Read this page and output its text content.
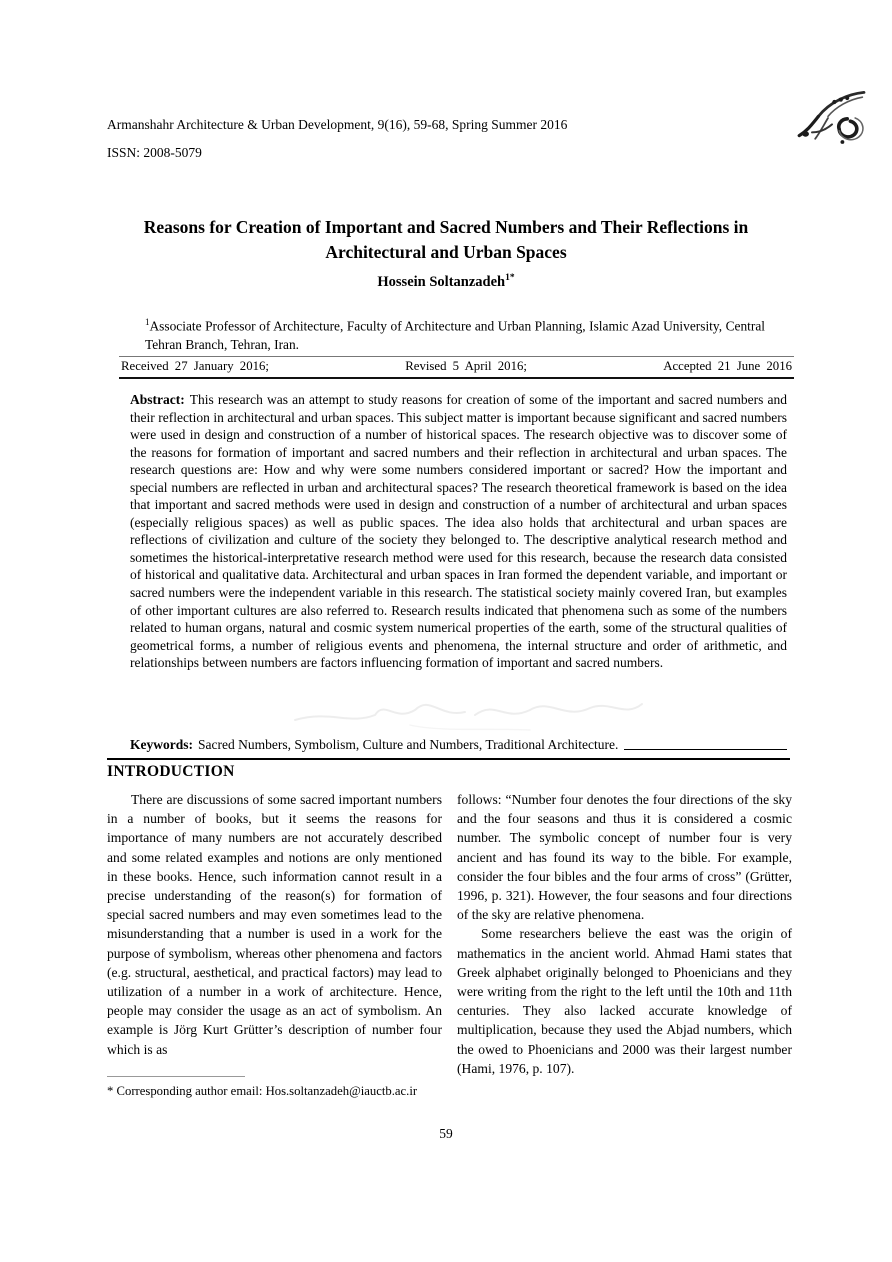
Armanshahr Architecture & Urban Development, 9(16), 59-68, Spring Summer 2016
ISSN: 2008-5079
Reasons for Creation of Important and Sacred Numbers and Their Reflections in Architectural and Urban Spaces
Hossein Soltanzadeh$^{1*}$
$^1$Associate Professor of Architecture, Faculty of Architecture and Urban Planning, Islamic Azad University, Central Tehran Branch, Tehran, Iran.
Received 27 January 2016;	Revised 5 April 2016;	Accepted 21 June 2016
Abstract: This research was an attempt to study reasons for creation of some of the important and sacred numbers and their reflection in architectural and urban spaces. This subject matter is important because significant and sacred numbers were used in design and construction of a number of historical spaces. The research objective was to discover some of the reasons for formation of important and sacred numbers and their reflection in architectural and urban spaces. The research questions are: How and why were some numbers considered important or sacred? How the important and special numbers are reflected in urban and architectural spaces? The research theoretical framework is based on the idea that important and sacred methods were used in design and construction of a number of architectural and urban spaces (especially religious spaces) as well as public spaces. The idea also holds that architectural and urban spaces are reflections of civilization and culture of the society they belonged to. The descriptive analytical research method and sometimes the historical-interpretative research method were used for this research, because the research data consisted of historical and qualitative data. Architectural and urban spaces in Iran formed the dependent variable, and important or sacred numbers were the independent variable in this research. The statistical society mainly covered Iran, but examples of other important cultures are also referred to. Research results indicated that phenomena such as some of the numbers related to human organs, natural and cosmic system numerical properties of the earth, some of the structural qualities of geometrical forms, a number of religious events and phenomena, the internal structure and order of arithmetic, and relationships between numbers are factors influencing formation of important and sacred numbers.
Keywords: Sacred Numbers, Symbolism, Culture and Numbers, Traditional Architecture.
INTRODUCTION

There are discussions of some sacred important numbers in a number of books, but it seems the reasons for importance of many numbers are not accurately described and some related examples and notions are only mentioned in these books. Hence, such information cannot result in a precise understanding of the reason(s) for formation of special sacred numbers and may even sometimes lead to the misunderstanding that a number is used in a work for the purpose of symbolism, whereas other phenomena and factors (e.g. structural, aesthetical, and practical factors) may lead to utilization of a number in a work of architecture. Hence, people may consider the usage as an act of symbolism. An example is Jörg Kurt Grütter’s description of number four which is as

follows: “Number four denotes the four directions of the sky and the four seasons and thus it is considered a cosmic number. The symbolic concept of number four is very ancient and has found its way to the bible. For example, consider the four bibles and the four arms of cross” (Grütter, 1996, p. 321). However, the four seasons and four directions of the sky are relative phenomena.

Some researchers believe the east was the origin of mathematics in the ancient world. Ahmad Hami states that Greek alphabet originally belonged to Phoenicians and they were writing from the right to the left until the 10th and 11th centuries. They also lacked accurate knowledge of multiplication, because they used the Abjad numbers, which the owed to Phoenicians and 2000 was their largest number (Hami, 1976, p. 107).

* Corresponding author email: Hos.soltanzadeh@iauctb.ac.ir
59
